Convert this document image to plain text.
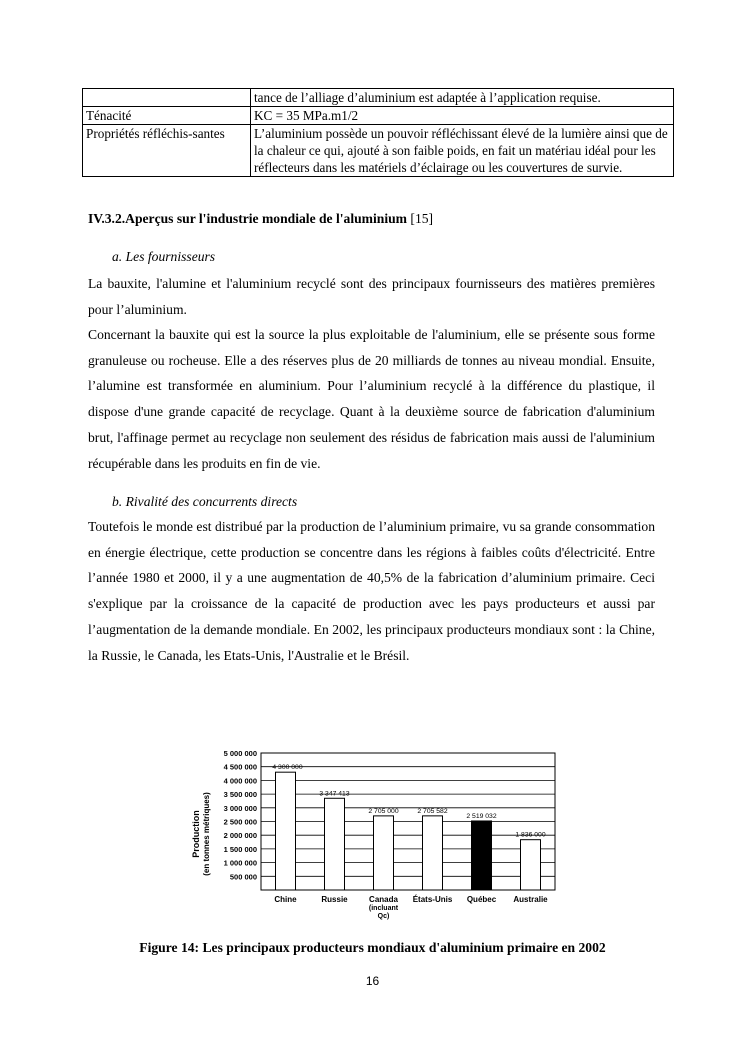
	tance de l’alliage d’aluminium est adaptée à l’application requise.
Ténacité	KC = 35 MPa.m1/2
Propriétés réfléchis-santes	L’aluminium possède un pouvoir réfléchissant élevé de la lumière ainsi que de la chaleur ce qui, ajouté à son faible poids, en fait un matériau idéal pour les réflecteurs dans les matériels d’éclairage ou les couvertures de survie.
IV.3.2.Aperçus sur l'industrie mondiale de l'aluminium [15]
a. Les fournisseurs
La bauxite, l'alumine et l'aluminium recyclé sont des principaux fournisseurs des matières premières pour l’aluminium.
Concernant la bauxite qui est la source la plus exploitable de l'aluminium, elle se présente sous forme granuleuse ou rocheuse. Elle a des réserves plus de 20 milliards de tonnes au niveau mondial. Ensuite, l’alumine est transformée en aluminium. Pour l’aluminium recyclé à la différence du plastique, il dispose d'une grande capacité de recyclage. Quant à la deuxième source de fabrication d'aluminium brut, l'affinage permet au recyclage non seulement des résidus de fabrication mais aussi de l'aluminium récupérable dans les produits en fin de vie.
b. Rivalité des concurrents directs
Toutefois le monde est distribué par la production de l’aluminium primaire, vu sa grande consommation en énergie électrique, cette production se concentre dans les régions à faibles coûts d'électricité. Entre l’année 1980 et 2000, il y a une augmentation de 40,5% de la fabrication d’aluminium primaire. Ceci s'explique par la croissance de la capacité de production avec les pays producteurs et aussi par l’augmentation de la demande mondiale. En 2002, les principaux producteurs mondiaux sont : la Chine, la Russie, le Canada, les Etats-Unis, l'Australie et le Brésil.
500 000
1 000 000
1 500 000
2 000 000
2 500 000
3 000 000
3 500 000
4 000 000
4 500 000
5 000 000
4 300 000
3 347 413
2 705 000	2 705 582
2 519 032
1 836 000
Chine	Russie	Canada
(incluant
Qc)
États-Unis Québec Australie
Production (en tonnes métriques)
Figure 14: Les principaux producteurs mondiaux d'aluminium primaire en 2002
16
